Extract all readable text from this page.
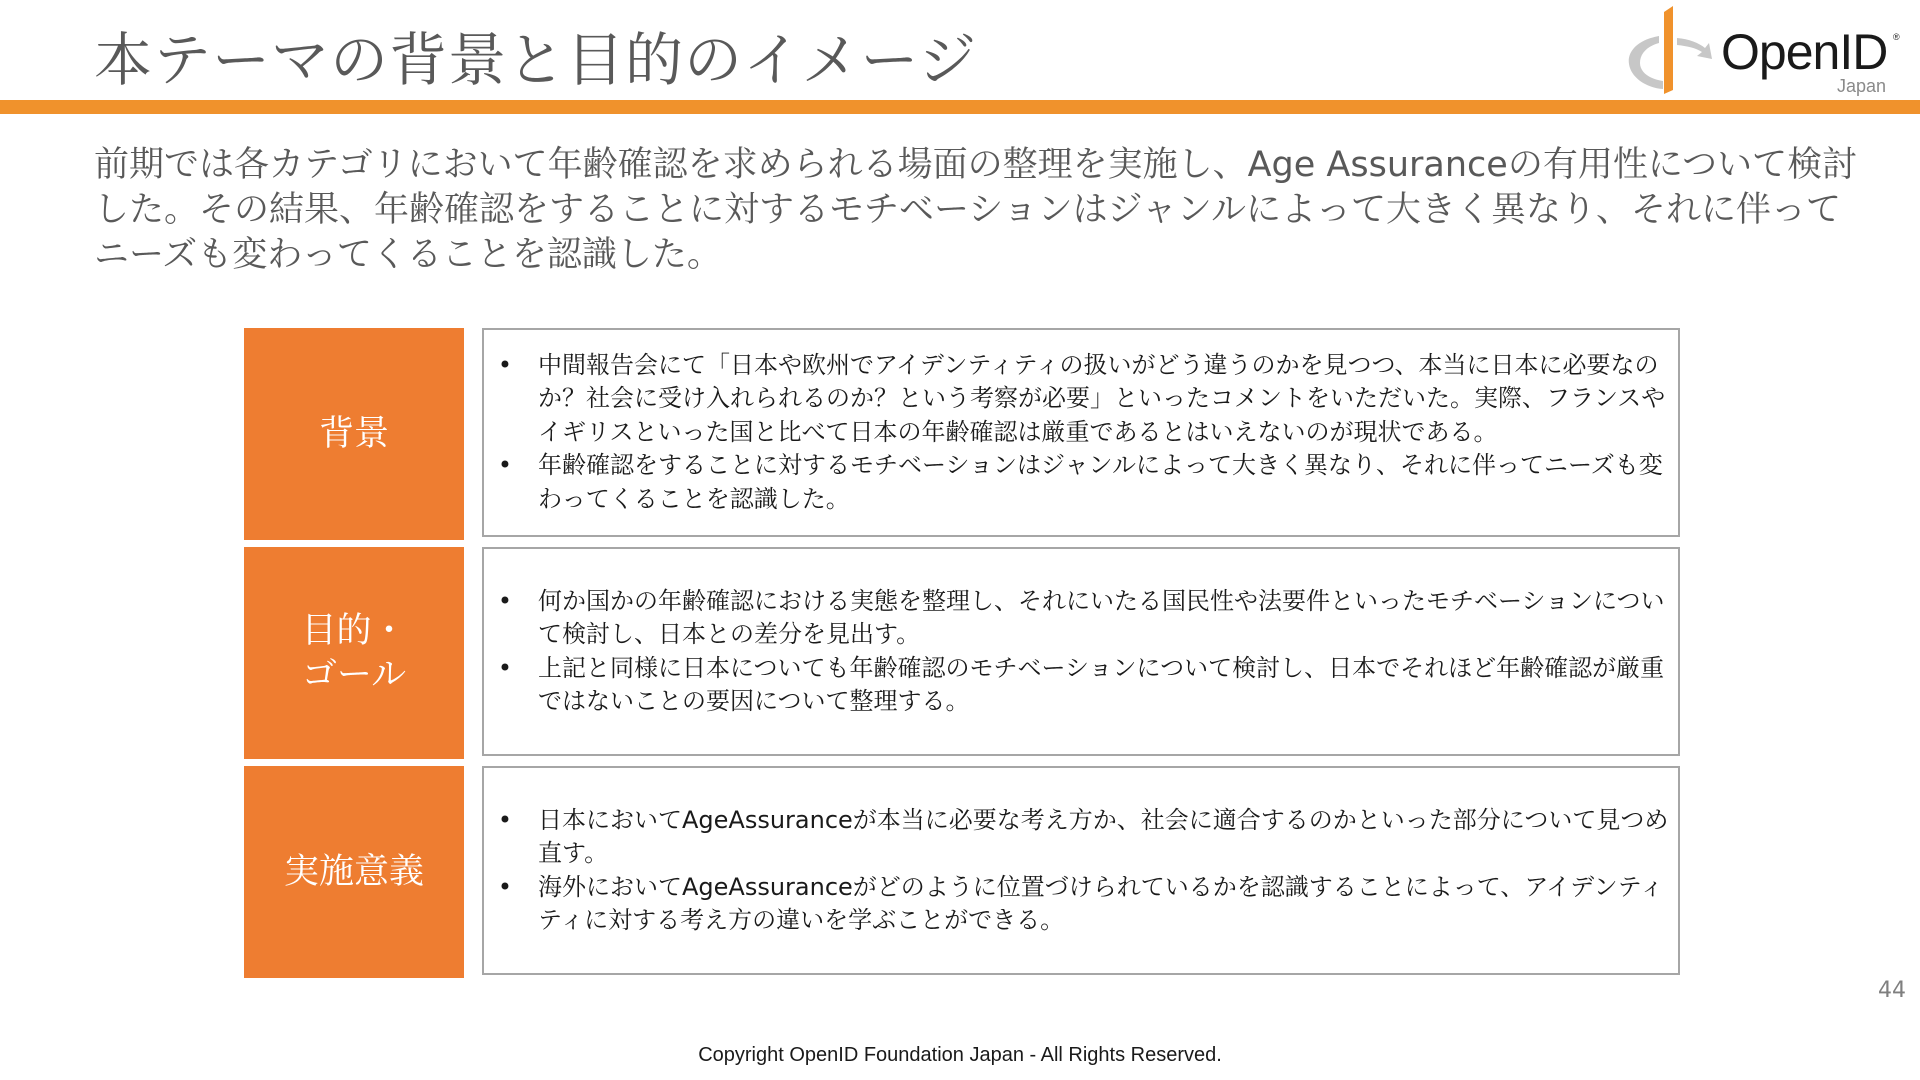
本テーマの背景と目的のイメージ	OpenID ®
Japan
前期では各カテゴリにおいて年齢確認を求められる場面の整理を実施し、Age Assuranceの有用性について検討した。その結果、年齢確認をすることに対するモチベーションはジャンルによって大きく異なり、それに伴ってニーズも変わってくることを認識した。
背景
•	中間報告会にて「日本や欧州でアイデンティティの扱いがどう違うのかを見つつ、本当に日本に必要なのか？社会に受け入れられるのか？という考察が必要」といったコメントをいただいた。実際、フランスやイギリスといった国と比べて日本の年齢確認は厳重であるとはいえないのが現状である。
•	年齢確認をすることに対するモチベーションはジャンルによって大きく異なり、それに伴ってニーズも変わってくることを認識した。
目的・
ゴール
•	何か国かの年齢確認における実態を整理し、それにいたる国民性や法要件といったモチベーションについて検討し、日本との差分を見出す。
•	上記と同様に日本についても年齢確認のモチベーションについて検討し、日本でそれほど年齢確認が厳重ではないことの要因について整理する。
実施意義
•	日本においてAgeAssuranceが本当に必要な考え方か、社会に適合するのかといった部分について見つめ直す。
•	海外においてAgeAssuranceがどのように位置づけられているかを認識することによって、アイデンティティに対する考え方の違いを学ぶことができる。
44
Copyright OpenID Foundation Japan - All Rights Reserved.
